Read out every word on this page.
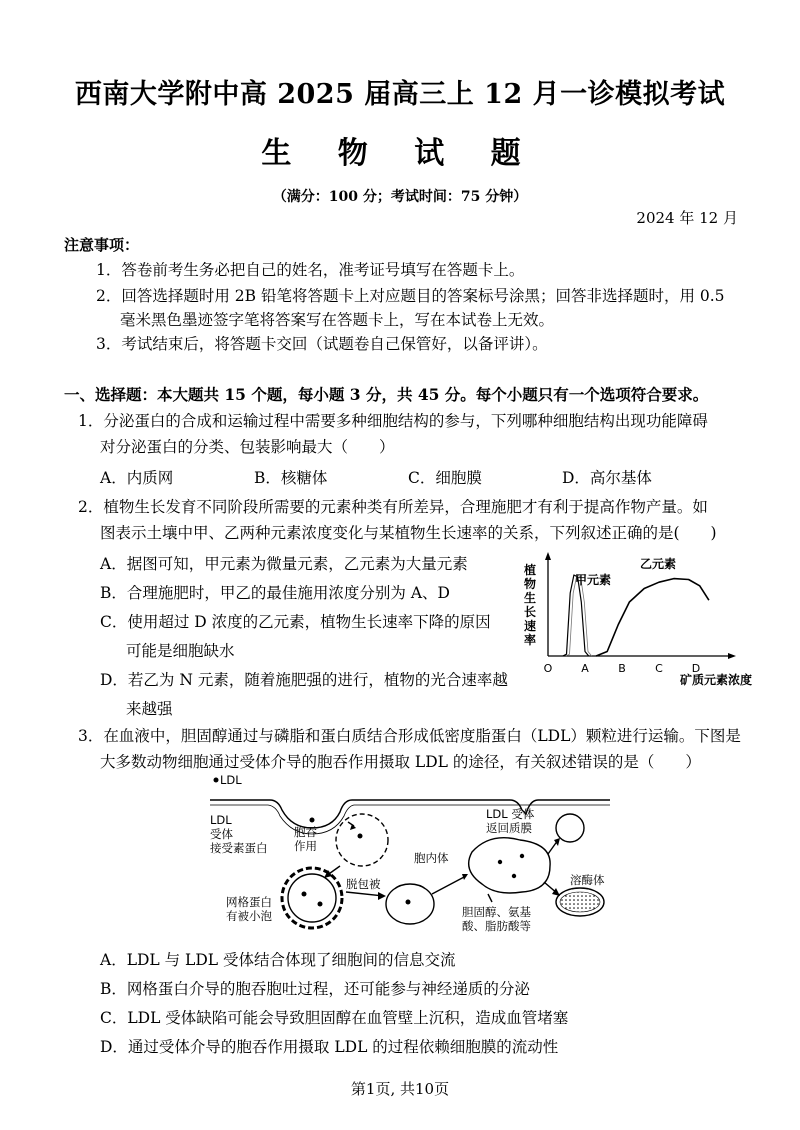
西南大学附中高 2025 届高三上 12 月一诊模拟考试
生 物 试 题
（满分：100 分；考试时间：75 分钟）
2024 年 12 月
注意事项：
1．答卷前考生务必把自己的姓名，准考证号填写在答题卡上。
2．回答选择题时用 2B 铅笔将答题卡上对应题目的答案标号涂黑；回答非选择题时，用 0.5
毫米黑色墨迹签字笔将答案写在答题卡上，写在本试卷上无效。
3．考试结束后，将答题卡交回（试题卷自己保管好，以备评讲）。
一、选择题：本大题共 15 个题，每小题 3 分，共 45 分。每个小题只有一个选项符合要求。
1．分泌蛋白的合成和运输过程中需要多种细胞结构的参与，下列哪种细胞结构出现功能障碍
对分泌蛋白的分类、包装影响最大（　　）
A．内质网	B．核糖体	C．细胞膜	D．高尔基体
2．植物生长发育不同阶段所需要的元素种类有所差异，合理施肥才有利于提高作物产量。如
图表示土壤中甲、乙两种元素浓度变化与某植物生长速率的关系，下列叙述正确的是(　　)
A．据图可知，甲元素为微量元素，乙元素为大量元素
B．合理施肥时，甲乙的最佳施用浓度分别为 A、D
C．使用超过 D 浓度的乙元素，植物生长速率下降的原因
可能是细胞缺水
D．若乙为 N 元素，随着施肥强的进行，植物的光合速率越
来越强
植
物
生
长
速
率
O	A	B	C	D
矿质元素浓度
甲元素
乙元素
3．在血液中，胆固醇通过与磷脂和蛋白质结合形成低密度脂蛋白（LDL）颗粒进行运输。下图是
大多数动物细胞通过受体介导的胞吞作用摄取 LDL 的途径，有关叙述错误的是（　　）
LDL
LDL
受体
接受素蛋白
胞吞
作用
网格蛋白
有被小泡
脱包被
胞内体
LDL 受体
返回质膜
溶酶体
胆固醇、氨基
酸、脂肪酸等
A．LDL 与 LDL 受体结合体现了细胞间的信息交流
B．网格蛋白介导的胞吞胞吐过程，还可能参与神经递质的分泌
C．LDL 受体缺陷可能会导致胆固醇在血管壁上沉积，造成血管堵塞
D．通过受体介导的胞吞作用摄取 LDL 的过程依赖细胞膜的流动性
第1页, 共10页
